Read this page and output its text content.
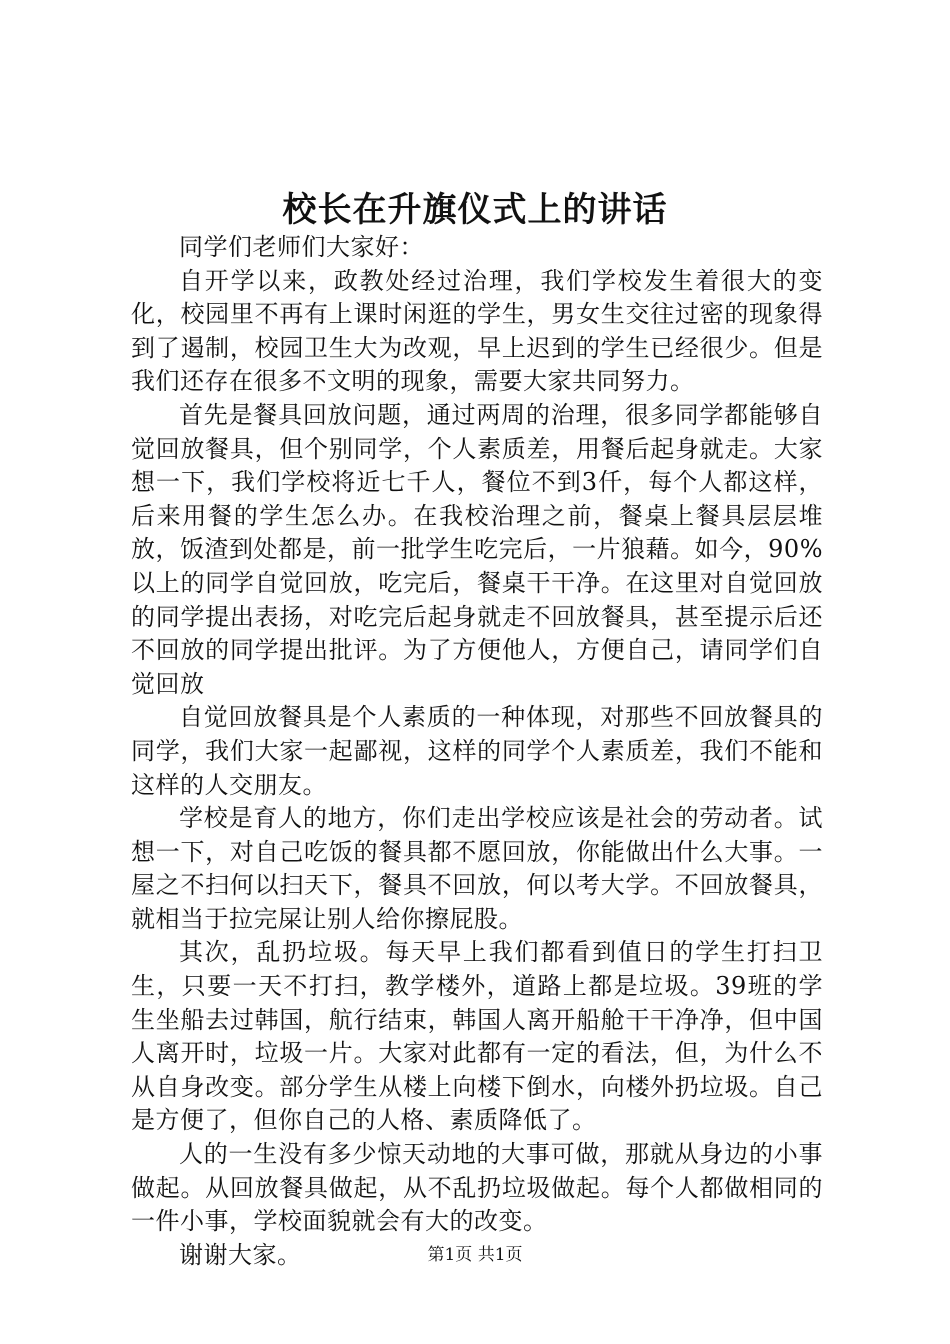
校长在升旗仪式上的讲话

同学们老师们大家好：

自开学以来，政教处经过治理，我们学校发生着很大的变化，校园里不再有上课时闲逛的学生，男女生交往过密的现象得到了遏制，校园卫生大为改观，早上迟到的学生已经很少。但是我们还存在很多不文明的现象，需要大家共同努力。

首先是餐具回放问题，通过两周的治理，很多同学都能够自觉回放餐具，但个别同学，个人素质差，用餐后起身就走。大家想一下，我们学校将近七千人，餐位不到3仟，每个人都这样，后来用餐的学生怎么办。在我校治理之前，餐桌上餐具层层堆放，饭渣到处都是，前一批学生吃完后，一片狼藉。如今，90%以上的同学自觉回放，吃完后，餐桌干干净。在这里对自觉回放的同学提出表扬，对吃完后起身就走不回放餐具，甚至提示后还不回放的同学提出批评。为了方便他人，方便自己，请同学们自觉回放

自觉回放餐具是个人素质的一种体现，对那些不回放餐具的同学，我们大家一起鄙视，这样的同学个人素质差，我们不能和这样的人交朋友。

学校是育人的地方，你们走出学校应该是社会的劳动者。试想一下，对自己吃饭的餐具都不愿回放，你能做出什么大事。一屋之不扫何以扫天下，餐具不回放，何以考大学。不回放餐具，就相当于拉完屎让别人给你擦屁股。

其次，乱扔垃圾。每天早上我们都看到值日的学生打扫卫生，只要一天不打扫，教学楼外，道路上都是垃圾。39班的学生坐船去过韩国，航行结束，韩国人离开船舱干干净净，但中国人离开时，垃圾一片。大家对此都有一定的看法，但，为什么不从自身改变。部分学生从楼上向楼下倒水，向楼外扔垃圾。自己是方便了，但你自己的人格、素质降低了。

人的一生没有多少惊天动地的大事可做，那就从身边的小事做起。从回放餐具做起，从不乱扔垃圾做起。每个人都做相同的一件小事，学校面貌就会有大的改变。

谢谢大家。	第1页 共1页
